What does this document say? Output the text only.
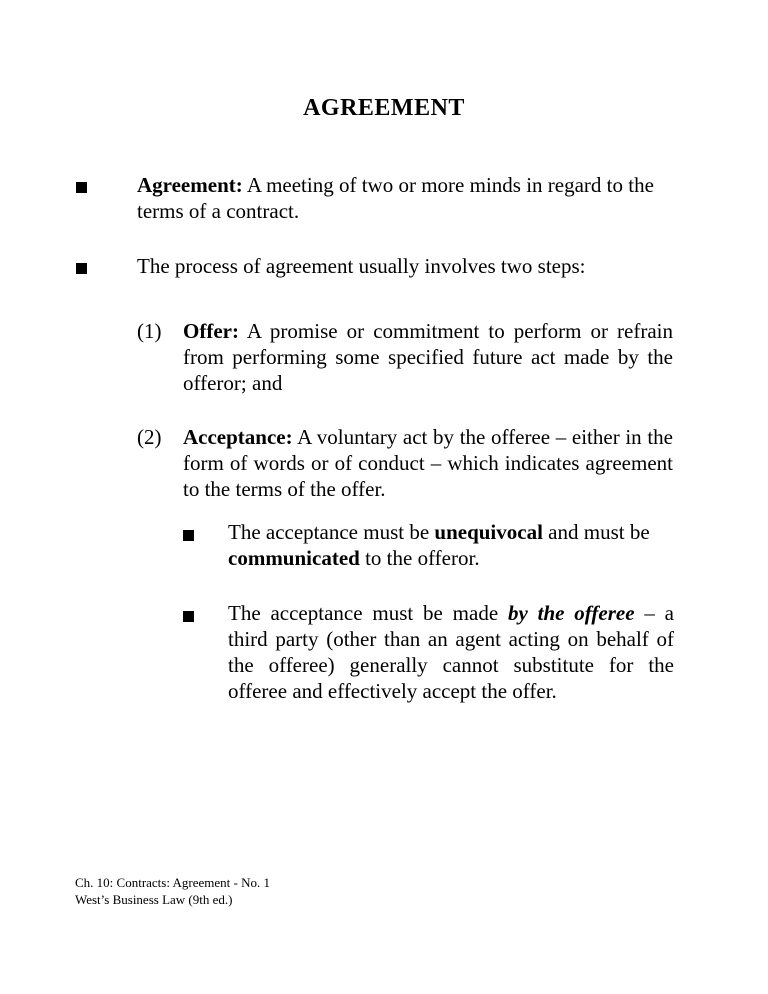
AGREEMENT
Agreement: A meeting of two or more minds in regard to the terms of a contract.
The process of agreement usually involves two steps:
(1) Offer: A promise or commitment to perform or refrain from performing some specified future act made by the offeror; and
(2) Acceptance: A voluntary act by the offeree – either in the form of words or of conduct – which indicates agreement to the terms of the offer.
The acceptance must be unequivocal and must be communicated to the offeror.
The acceptance must be made by the offeree – a third party (other than an agent acting on behalf of the offeree) generally cannot substitute for the offeree and effectively accept the offer.
Ch. 10: Contracts: Agreement - No. 1
West’s Business Law (9th ed.)
